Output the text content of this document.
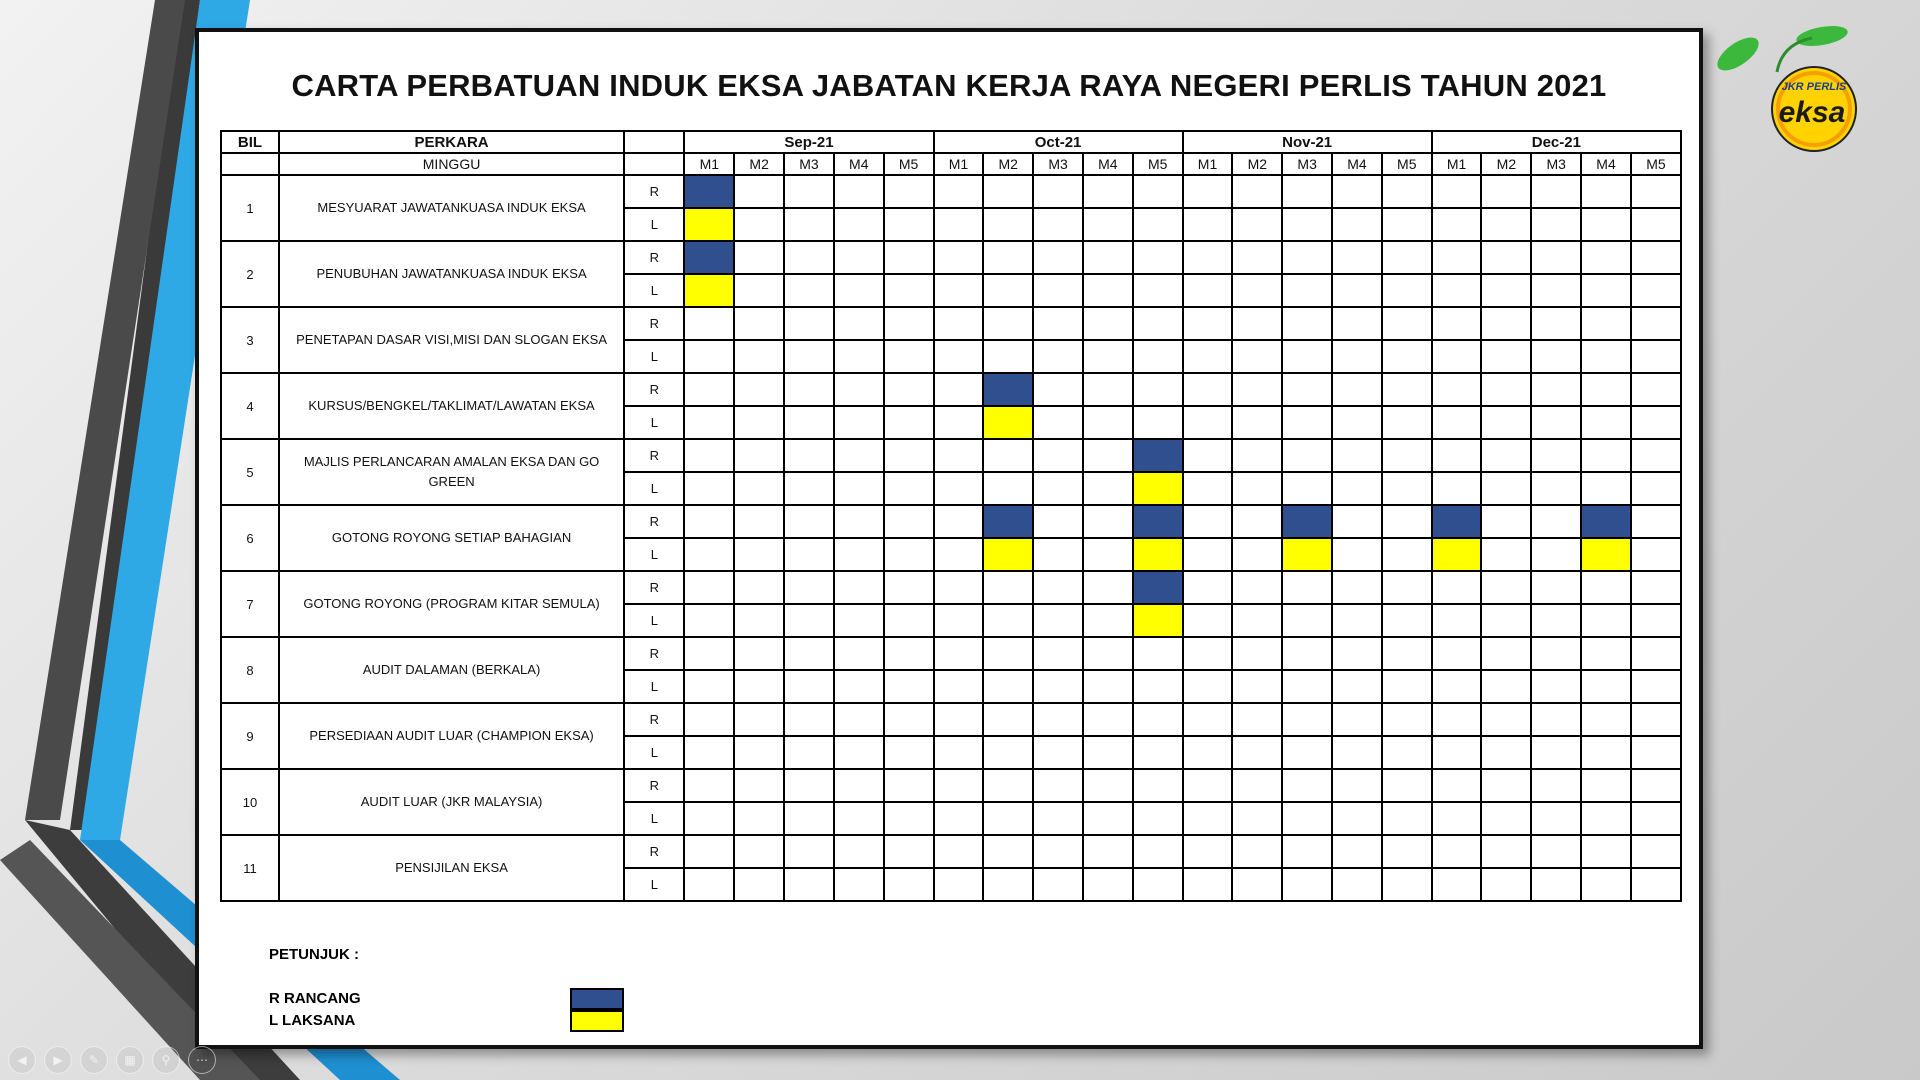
CARTA PERBATUAN INDUK EKSA JABATAN KERJA RAYA NEGERI PERLIS TAHUN 2021
BIL	PERKARA		Sep-21					Oct-21					Nov-21					Dec-21				
	MINGGU		M1	M2	M3	M4	M5	M1	M2	M3	M4	M5	M1	M2	M3	M4	M5	M1	M2	M3	M4	M5
1	MESYUARAT JAWATANKUASA INDUK EKSA	R																				
		L																				
2	PENUBUHAN JAWATANKUASA INDUK EKSA	R																				
		L																				
3	PENETAPAN DASAR VISI,MISI DAN SLOGAN EKSA	R																				
		L																				
4	KURSUS/BENGKEL/TAKLIMAT/LAWATAN EKSA	R																				
		L																				
5	MAJLIS PERLANCARAN AMALAN EKSA DAN GO GREEN	R																				
		L																				
6	GOTONG ROYONG SETIAP BAHAGIAN	R																				
		L																				
7	GOTONG ROYONG (PROGRAM KITAR SEMULA)	R																				
		L																				
8	AUDIT DALAMAN (BERKALA)	R																				
		L																				
9	PERSEDIAAN AUDIT LUAR (CHAMPION EKSA)	R																				
		L																				
10	AUDIT LUAR (JKR MALAYSIA)	R																				
		L																				
11	PENSIJILAN EKSA	R																				
		L																				
PETUNJUK :
R RANCANG
L LAKSANA
JKR PERLIS
eksa
◀	▶	✎	▦	⚲	⋯
